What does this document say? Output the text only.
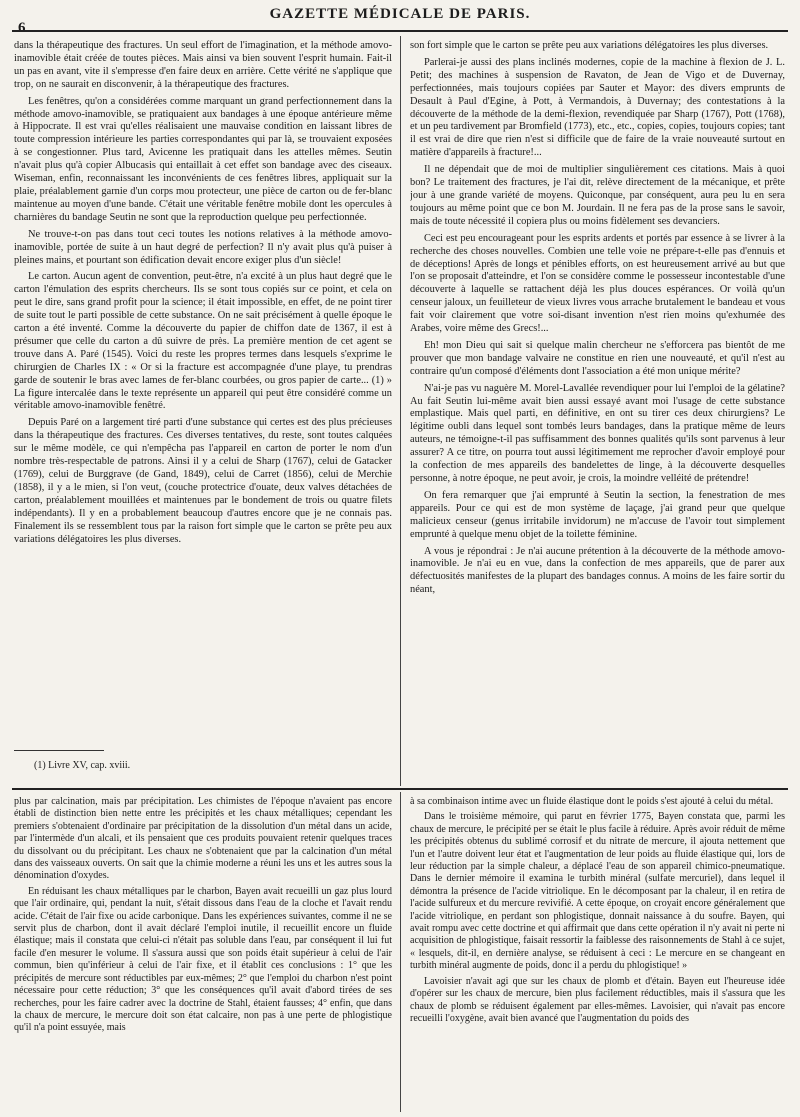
6
GAZETTE MÉDICALE DE PARIS.

dans la thérapeutique des fractures. Un seul effort de l'imagination, et la méthode amovo-inamovible était créée de toutes pièces. Mais ainsi va bien souvent l'esprit humain. Fait-il un pas en avant, vite il s'empresse d'en faire deux en arrière. Cette vérité ne s'applique que trop, on ne saurait en disconvenir, à la thérapeutique des fractures.

Les fenêtres, qu'on a considérées comme marquant un grand perfectionnement dans la méthode amovo-inamovible, se pratiquaient aux bandages à une époque antérieure même à Hippocrate. Il est vrai qu'elles réalisaient une mauvaise condition en laissant libres de toute compression intérieure les parties correspondantes qui par là, se trouvaient exposées à se congestionner. Plus tard, Avicenne les pratiquait dans les attelles mêmes. Seutin n'avait plus qu'à copier Albucasis qui entaillait à cet effet son bandage avec des ciseaux. Wiseman, enfin, reconnaissant les inconvénients de ces fenêtres libres, appliquait sur la plaie, préalablement garnie d'un corps mou protecteur, une pièce de carton ou de fer-blanc maintenue au moyen d'une bande. C'était une véritable fenêtre mobile dont les opercules à charnières du bandage Seutin ne sont que la reproduction quelque peu perfectionnée.

Ne trouve-t-on pas dans tout ceci toutes les notions relatives à la méthode amovo-inamovible, portée de suite à un haut degré de perfection? Il n'y avait plus qu'à puiser à pleines mains, et pourtant son édification devait encore exiger plus d'un siècle!

Le carton. Aucun agent de convention, peut-être, n'a excité à un plus haut degré que le carton l'émulation des esprits chercheurs. Ils se sont tous copiés sur ce point, et cela on peut le dire, sans grand profit pour la science; il était impossible, en effet, de ne point tirer de suite tout le parti possible de cette substance. On ne sait précisément à quelle époque le carton a été inventé. Comme la découverte du papier de chiffon date de 1367, il est à présumer que celle du carton a dû suivre de près. La première mention de cet agent se trouve dans A. Paré (1545). Voici du reste les propres termes dans lesquels s'exprime le chirurgien de Charles IX : « Or si la fracture est accompagnée d'une playe, tu prendras garde de soutenir le bras avec lames de fer-blanc courbées, ou gros papier de carte... (1) » La figure intercalée dans le texte représente un appareil qui peut être considéré comme un véritable amovo-inamovible fenêtré.

Depuis Paré on a largement tiré parti d'une substance qui certes est des plus précieuses dans la thérapeutique des fractures. Ces diverses tentatives, du reste, sont toutes calquées sur le même modèle, ce qui n'empêcha pas l'appareil en carton de porter le nom d'un nombre très-respectable de patrons. Ainsi il y a celui de Sharp (1767), celui de Gatacker (1769), celui de Burggrave (de Gand, 1849), celui de Carret (1856), celui de Merchie (1858), il y a le mien, si l'on veut, (couche protectrice d'ouate, deux valves détachées de carton, préalablement mouillées et maintenues par le bondement de trois ou quatre filets indépendants). Il y en a probablement beaucoup d'autres encore que je ne connais pas. Finalement ils se ressemblent tous par la raison fort simple que le carton se prête peu aux variations délégatoires les plus diverses.

son fort simple que le carton se prête peu aux variations délégatoires les plus diverses.

Parlerai-je aussi des plans inclinés modernes, copie de la machine à flexion de J. L. Petit; des machines à suspension de Ravaton, de Jean de Vigo et de Duvernay, perfectionnées, mais toujours copiées par Sauter et Mayor: des divers emprunts de Desault à Paul d'Egine, à Pott, à Vermandois, à Duvernay; des contestations à la découverte de la méthode de la demi-flexion, revendiquée par Sharp (1767), Pott (1768), et un peu tardivement par Bromfield (1773), etc., etc., copies, copies, toujours copies; tant il est vrai de dire que rien n'est si difficile que de faire de la vraie nouveauté surtout en matière d'appareils à fracture!...

Il ne dépendait que de moi de multiplier singulièrement ces citations. Mais à quoi bon? Le traitement des fractures, je l'ai dit, relève directement de la mécanique, et prête jour à une grande variété de moyens. Quiconque, par conséquent, aura peu lu en sera toujours au même point que ce bon M. Jourdain. Il ne fera pas de la prose sans le savoir, mais de toute nécessité il copiera plus ou moins fidèlement ses devanciers.

Ceci est peu encourageant pour les esprits ardents et portés par essence à se livrer à la recherche des choses nouvelles. Combien une telle voie ne prépare-t-elle pas d'ennuis et de déceptions! Après de longs et pénibles efforts, on est heureusement arrivé au but que l'on se proposait d'atteindre, et l'on se considère comme le possesseur incontestable d'une découverte à laquelle se rattachent déjà les plus douces espérances. Or voilà qu'un censeur jaloux, un feuilleteur de vieux livres vous arrache brutalement le bandeau et vous fait voir clairement que votre soi-disant invention n'est rien moins qu'exhumée des Arabes, voire même des Grecs!...

Eh! mon Dieu qui sait si quelque malin chercheur ne s'efforcera pas bientôt de me prouver que mon bandage valvaire ne constitue en rien une nouveauté, et qu'il n'est au contraire qu'un composé d'éléments dont l'association a été mon unique mérite?

N'ai-je pas vu naguère M. Morel-Lavallée revendiquer pour lui l'emploi de la gélatine? Au fait Seutin lui-même avait bien aussi essayé avant moi l'usage de cette substance emplastique. Mais quel parti, en définitive, en ont su tirer ces deux chirurgiens? Le légitime oubli dans lequel sont tombés leurs bandages, dans la pratique même de leurs auteurs, ne témoigne-t-il pas suffisamment des bonnes qualités qu'ils sont parvenus à leur assurer? A ce titre, on pourra tout aussi légitimement me reprocher d'avoir employé pour la confection de mes appareils des bandelettes de linge, à la découverte desquelles personne, à notre époque, ne peut avoir, je crois, la moindre velléité de prétendre!

On fera remarquer que j'ai emprunté à Seutin la section, la fenestration de mes appareils. Pour ce qui est de mon système de laçage, j'ai grand peur que quelque malicieux censeur (genus irritabile invidorum) ne m'accuse de l'avoir tout simplement emprunté à quelque menu objet de la toilette féminine.

A vous je répondrai : Je n'ai aucune prétention à la découverte de la méthode amovo-inamovible. Je n'ai eu en vue, dans la confection de mes appareils, que de parer aux défectuosités manifestes de la plupart des bandages connus. A moins de les faire sortir du néant,

(1) Livre XV, cap. xviii.

plus par calcination, mais par précipitation. Les chimistes de l'époque n'avaient pas encore établi de distinction bien nette entre les précipités et les chaux métalliques; cependant les premiers s'obtenaient d'ordinaire par précipitation de la dissolution d'un métal dans un acide, par l'intermède d'un alcali, et ils pensaient que ces produits pouvaient retenir quelques traces du dissolvant ou du précipitant. Les chaux ne s'obtenaient que par la calcination d'un métal dans des vaisseaux ouverts. On sait que la chimie moderne a réuni les uns et les autres sous la dénomination d'oxydes.

En réduisant les chaux métalliques par le charbon, Bayen avait recueilli un gaz plus lourd que l'air ordinaire, qui, pendant la nuit, s'était dissous dans l'eau de la cloche et l'avait rendu acide. C'était de l'air fixe ou acide carbonique. Dans les expériences suivantes, comme il ne se servit plus de charbon, dont il avait déclaré l'emploi inutile, il recueillit encore un fluide élastique; mais il constata que celui-ci n'était pas soluble dans l'eau, par conséquent il lui fut facile d'en mesurer le volume. Il s'assura aussi que son poids était supérieur à celui de l'air commun, bien qu'inférieur à celui de l'air fixe, et il établit ces conclusions : 1° que les précipités de mercure sont réductibles par eux-mêmes; 2° que l'emploi du charbon n'est point nécessaire pour cette réduction; 3° que les conséquences qu'il avait d'abord tirées de ses recherches, pour les faire cadrer avec la doctrine de Stahl, étaient fausses; 4° enfin, que dans la chaux de mercure, le mercure doit son état calcaire, non pas à une perte de phlogistique qu'il n'a point essuyée, mais

à sa combinaison intime avec un fluide élastique dont le poids s'est ajouté à celui du métal.

Dans le troisième mémoire, qui parut en février 1775, Bayen constata que, parmi les chaux de mercure, le précipité per se était le plus facile à réduire. Après avoir réduit de même les précipités obtenus du sublimé corrosif et du nitrate de mercure, il ajouta nettement que l'un et l'autre doivent leur état et l'augmentation de leur poids au fluide élastique qui, lors de leur réduction par la simple chaleur, a déplacé l'eau de son appareil chimico-pneumatique. Dans le dernier mémoire il examina le turbith minéral (sulfate mercuriel), dans lequel il démontra la présence de l'acide vitriolique. En le décomposant par la chaleur, il en retira de l'acide sulfureux et du mercure revivifié. A cette époque, on croyait encore généralement que l'acide vitriolique, en perdant son phlogistique, donnait naissance à du soufre. Bayen, qui avait rompu avec cette doctrine et qui affirmait que dans cette opération il n'y avait ni perte ni acquisition de phlogistique, faisait ressortir la faiblesse des raisonnements de Stahl à ce sujet, « lesquels, dit-il, en dernière analyse, se réduisent à ceci : Le mercure en se changeant en turbith minéral augmente de poids, donc il a perdu du phlogistique! »

Lavoisier n'avait agi que sur les chaux de plomb et d'étain. Bayen eut l'heureuse idée d'opérer sur les chaux de mercure, bien plus facilement réductibles, mais il s'assura que les chaux de plomb se réduisent également par elles-mêmes. Lavoisier, qui n'avait pas encore recueilli l'oxygène, avait bien avancé que l'augmentation du poids des
